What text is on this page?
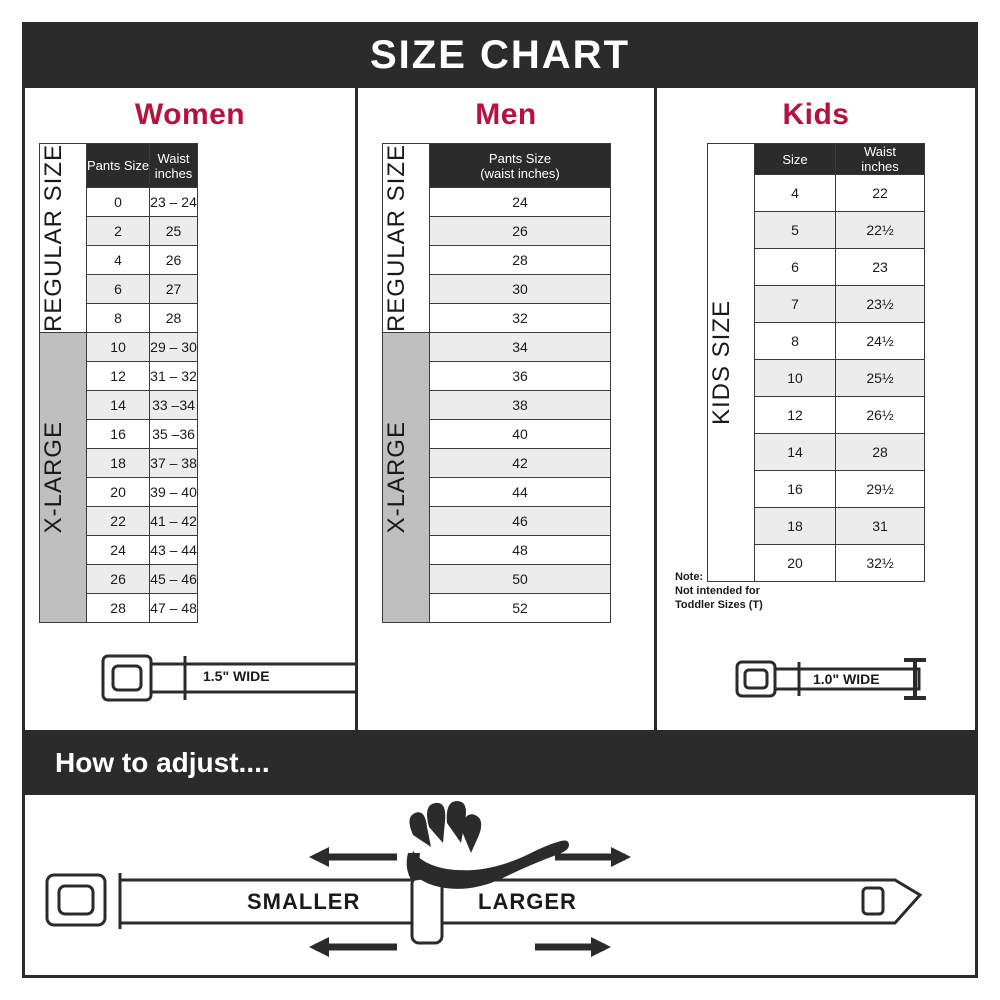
SIZE CHART
Women
REGULAR SIZE	Pants Size	Waist
inches
	0	23 – 24
	2	25
	4	26
	6	27
	8	28

X-LARGE	10	29 – 30
	12	31 – 32
	14	33 –34
	16	35 –36
	18	37 – 38
	20	39 – 40
	22	41 – 42
	24	43 – 44
	26	45 – 46
	28	47 – 48
1.5" WIDE
Men
REGULAR SIZE	Pants Size
(waist inches)
	24
	26
	28
	30
	32

X-LARGE	34
	36
	38
	40
	42
	44
	46
	48
	50
	52
Kids
KIDS SIZE	Size	Waist
inches
	4	22
	5	22½
	6	23
	7	23½
	8	24½
	10	25½
	12	26½
	14	28
	16	29½
	18	31
	20	32½
Note:
Not intended for
Toddler Sizes (T)
1.0" WIDE
How to adjust....
SMALLER	LARGER
